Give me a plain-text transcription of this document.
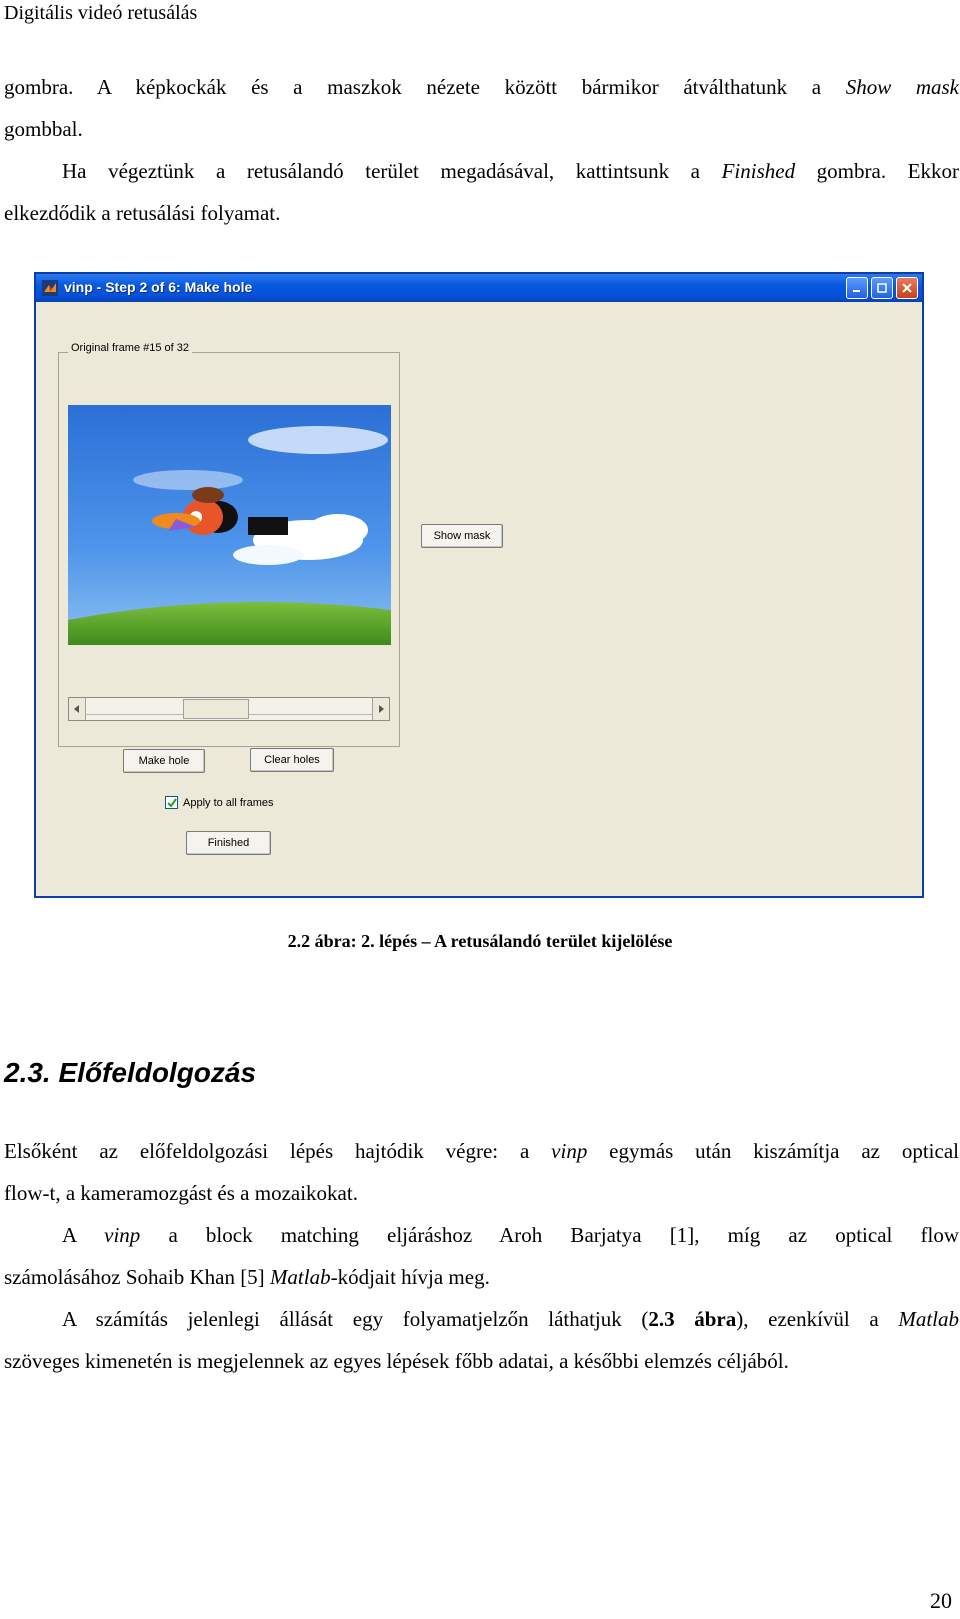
Digitális videó retusálás
gombra. A képkockák és a maszkok nézete között bármikor átválthatunk a Show mask
gombbal.
Ha végeztünk a retusálandó terület megadásával, kattintsunk a Finished gombra. Ekkor
elkezdődik a retusálási folyamat.
vinp - Step 2 of 6: Make hole
Original frame #15 of 32
Show mask
Make hole	Clear holes
Apply to all frames
Finished
2.2 ábra: 2. lépés – A retusálandó terület kijelölése
2.3. Előfeldolgozás
Elsőként az előfeldolgozási lépés hajtódik végre: a vinp egymás után kiszámítja az optical
flow-t, a kameramozgást és a mozaikokat.
A vinp a block matching eljáráshoz Aroh Barjatya [1], míg az optical flow
számolásához Sohaib Khan [5] Matlab-kódjait hívja meg.
A számítás jelenlegi állását egy folyamatjelzőn láthatjuk (2.3 ábra), ezenkívül a Matlab
szöveges kimenetén is megjelennek az egyes lépések főbb adatai, a későbbi elemzés céljából.
20
